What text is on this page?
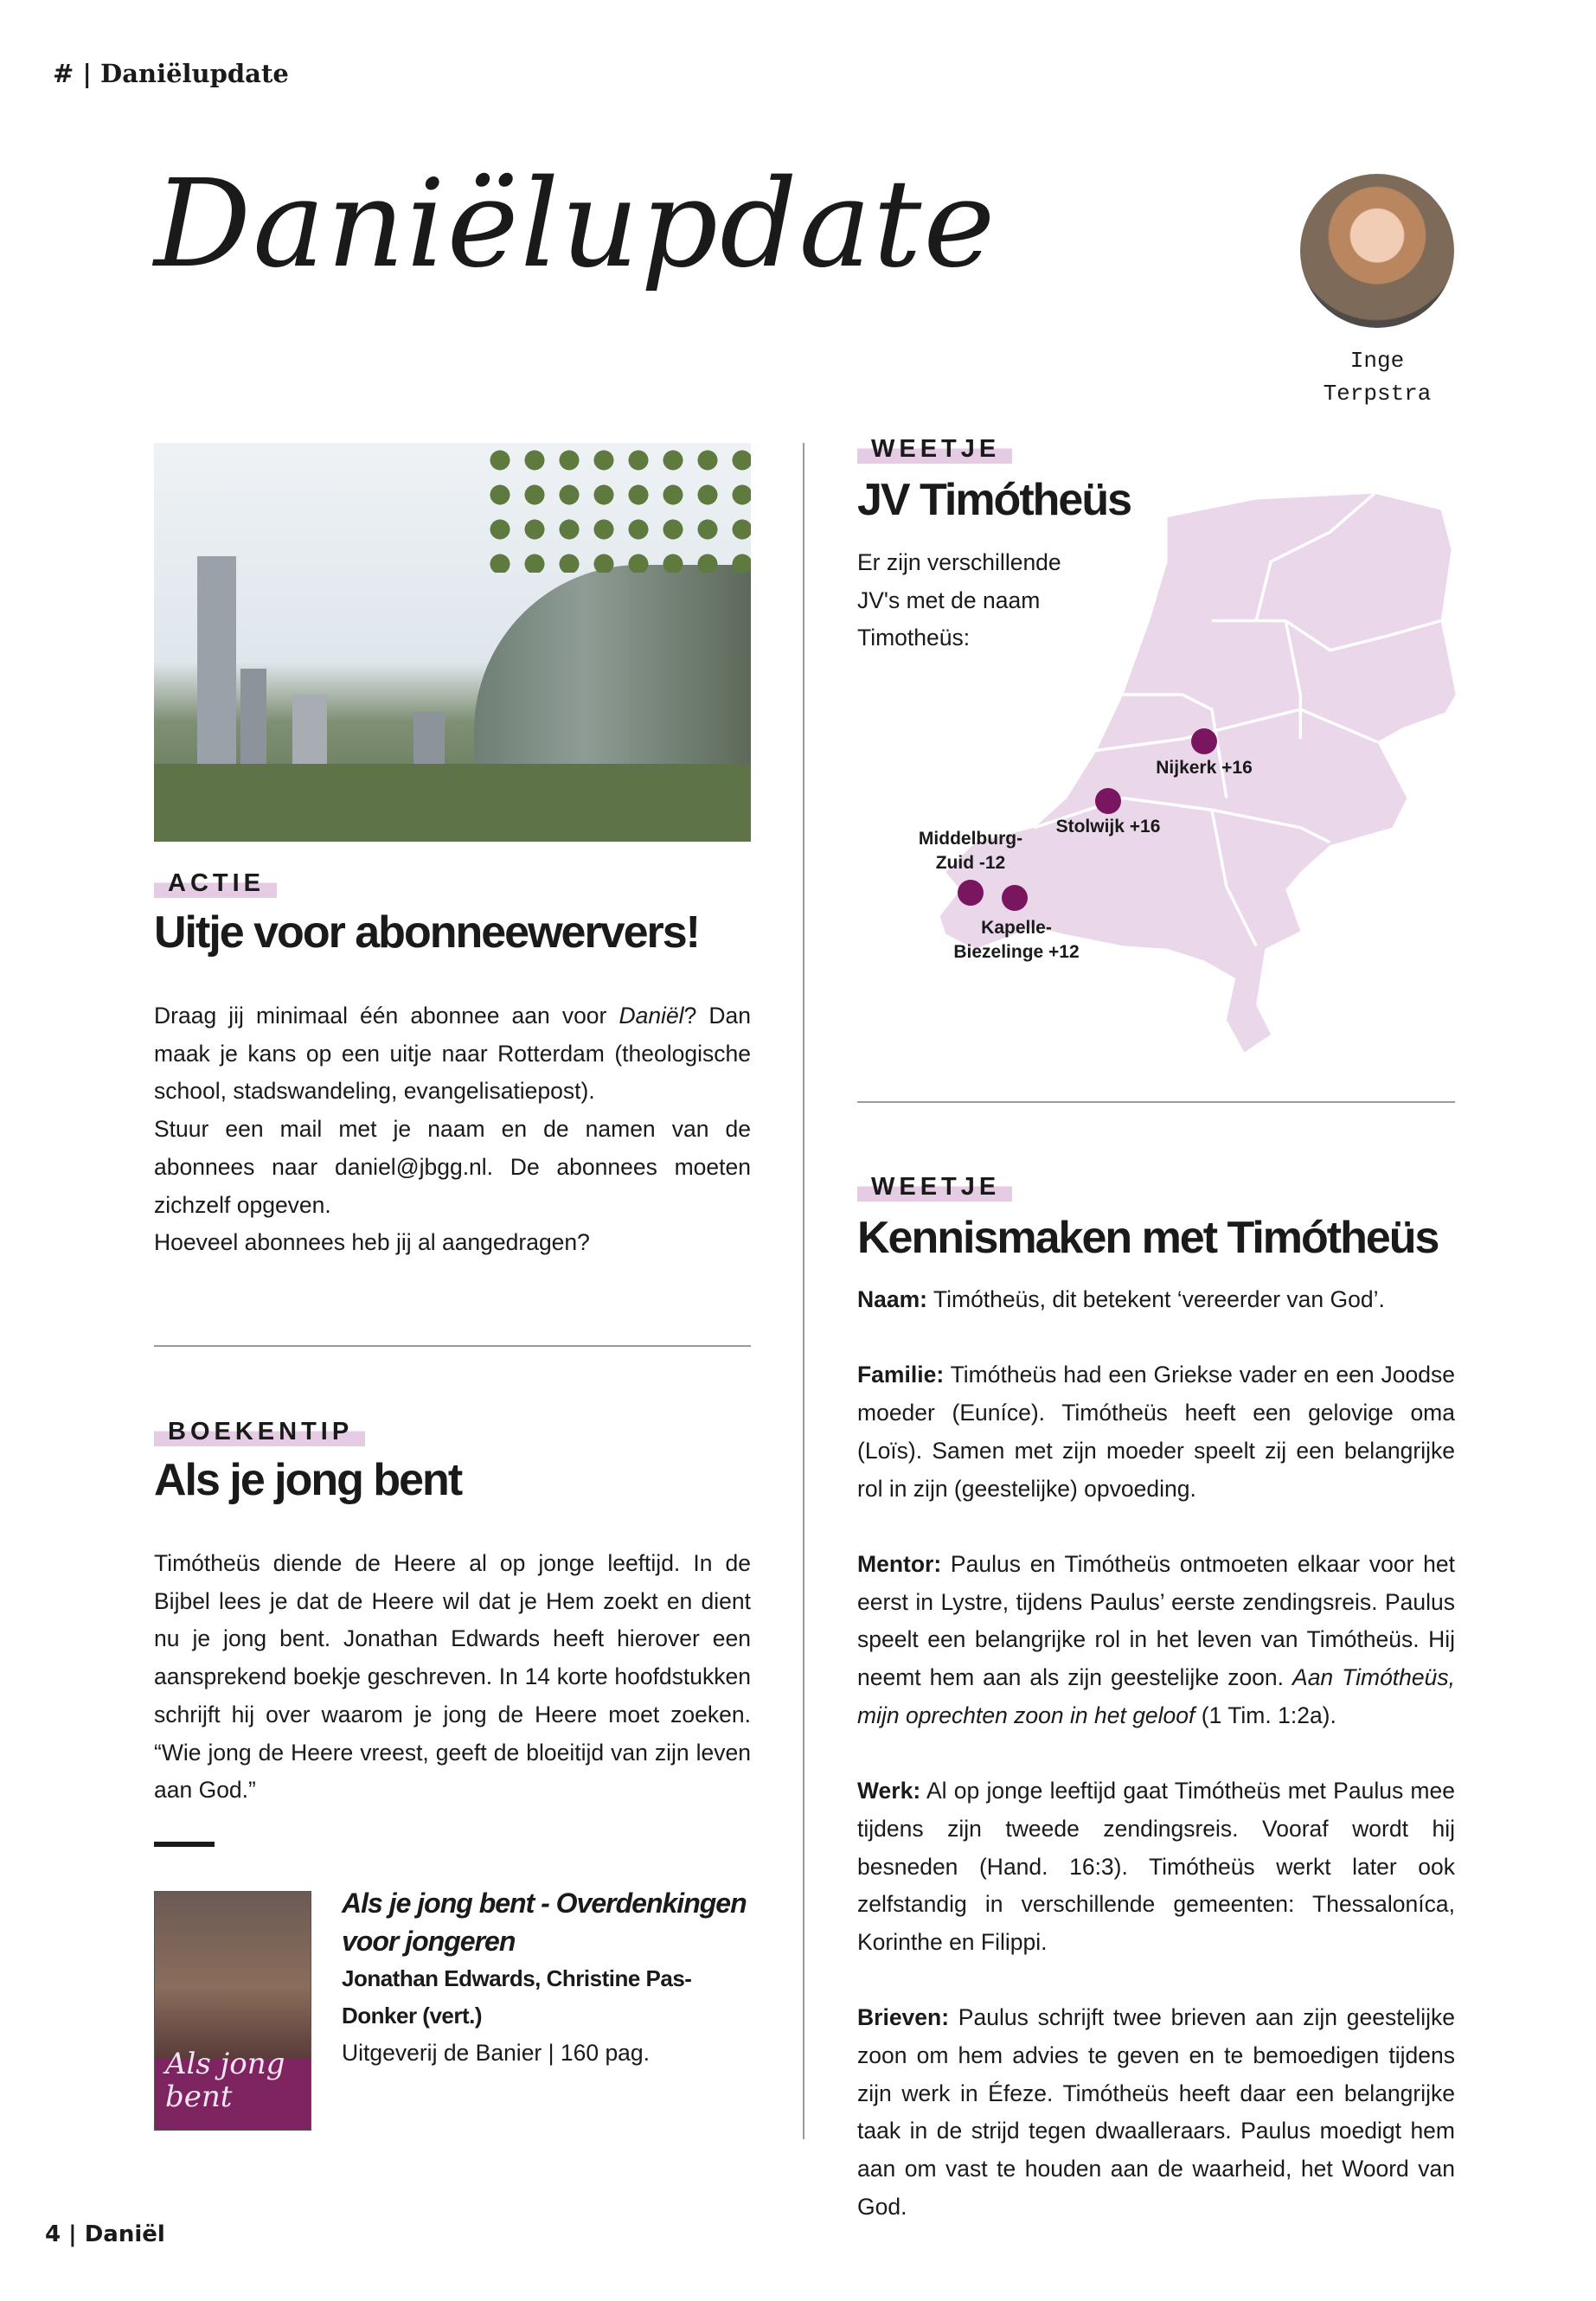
# | Daniëlupdate
Daniëlupdate
Inge
Terpstra
ACTIE
Uitje voor abonneewervers!

Draag jij minimaal één abonnee aan voor Daniël? Dan maak je kans op een uitje naar Rotterdam (theologische school, stadswandeling, evangelisatiepost).

Stuur een mail met je naam en de namen van de abonnees naar daniel@jbgg.nl. De abonnees moeten zichzelf opgeven.

Hoeveel abonnees heb jij al aangedragen?

BOEKENTIP
Als je jong bent
Timótheüs diende de Heere al op jonge leeftijd. In de Bijbel lees je dat de Heere wil dat je Hem zoekt en dient nu je jong bent. Jonathan Edwards heeft hierover een aansprekend boekje geschreven. In 14 korte hoofdstukken schrijft hij over waarom je jong de Heere moet zoeken. “Wie jong de Heere vreest, geeft de bloeitijd van zijn leven aan God.”
Als jong bent
Als je jong bent - Overdenkingen voor jongeren
Jonathan Edwards, Christine Pas-Donker (vert.)
Uitgeverij de Banier | 160 pag.
Nijkerk +16
Stolwijk +16
Middelburg-
Zuid -12
Kapelle-
Biezelinge +12
WEETJE
JV Timótheüs
Er zijn verschillende
JV's met de naam
Timotheüs:
WEETJE
Kennismaken met Timótheüs

Naam: Timótheüs, dit betekent ‘vereerder van God’.

Familie: Timótheüs had een Griekse vader en een Joodse moeder (Euníce). Timótheüs heeft een gelovige oma (Loïs). Samen met zijn moeder speelt zij een belangrijke rol in zijn (geestelijke) opvoeding.

Mentor: Paulus en Timótheüs ontmoeten elkaar voor het eerst in Lystre, tijdens Paulus’ eerste zendingsreis. Paulus speelt een belangrijke rol in het leven van Timótheüs. Hij neemt hem aan als zijn geestelijke zoon. Aan Timótheüs, mijn oprechten zoon in het geloof (1 Tim. 1:2a).

Werk: Al op jonge leeftijd gaat Timótheüs met Paulus mee tijdens zijn tweede zendingsreis. Vooraf wordt hij besneden (Hand. 16:3). Timótheüs werkt later ook zelfstandig in verschillende gemeenten: Thessaloníca, Korinthe en Filippi.

Brieven: Paulus schrijft twee brieven aan zijn geestelijke zoon om hem advies te geven en te bemoedigen tijdens zijn werk in Éfeze. Timótheüs heeft daar een belangrijke taak in de strijd tegen dwaalleraars. Paulus moedigt hem aan om vast te houden aan de waarheid, het Woord van God.

4 | Daniël
